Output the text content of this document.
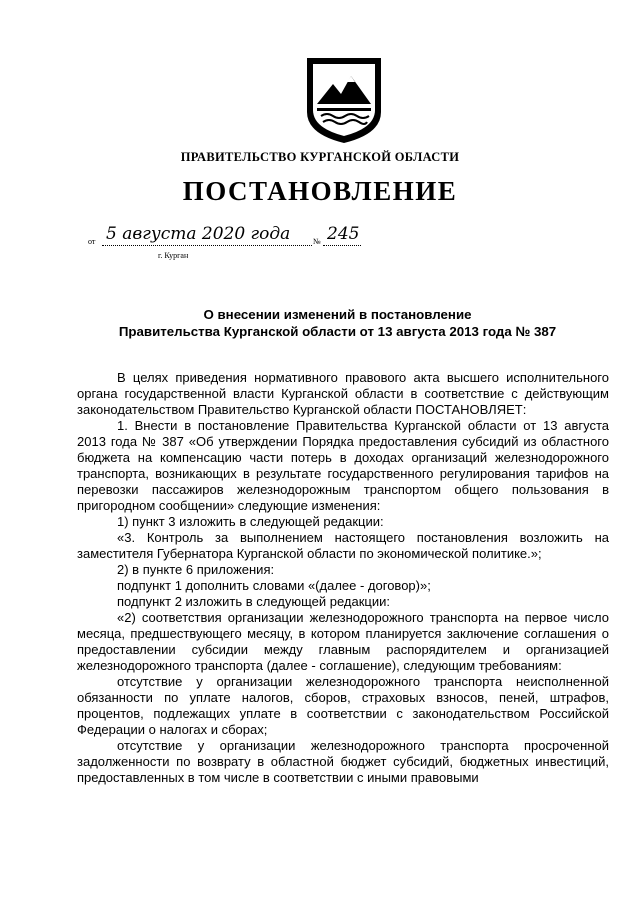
ПРАВИТЕЛЬСТВО КУРГАНСКОЙ ОБЛАСТИ
ПОСТАНОВЛЕНИЕ
от 5 августа 2020 года	№ 245
г. Курган
О внесении изменений в постановление
Правительства Курганской области от 13 августа 2013 года № 387

В целях приведения нормативного правового акта высшего исполнительного органа государственной власти Курганской области в соответствие с действующим законодательством Правительство Курганской области ПОСТАНОВЛЯЕТ:

1. Внести в постановление Правительства Курганской области от 13 августа 2013 года № 387 «Об утверждении Порядка предоставления субсидий из областного бюджета на компенсацию части потерь в доходах организаций железнодорожного транспорта, возникающих в результате государственного регулирования тарифов на перевозки пассажиров железнодорожным транспортом общего пользования в пригородном сообщении» следующие изменения:

1) пункт 3 изложить в следующей редакции:

«3. Контроль за выполнением настоящего постановления возложить на заместителя Губернатора Курганской области по экономической политике.»;

2) в пункте 6 приложения:

подпункт 1 дополнить словами «(далее - договор)»;

подпункт 2 изложить в следующей редакции:

«2) соответствия организации железнодорожного транспорта на первое число месяца, предшествующего месяцу, в котором планируется заключение соглашения о предоставлении субсидии между главным распорядителем и организацией железнодорожного транспорта (далее - соглашение), следующим требованиям:

отсутствие у организации железнодорожного транспорта неисполненной обязанности по уплате налогов, сборов, страховых взносов, пеней, штрафов, процентов, подлежащих уплате в соответствии с законодательством Российской Федерации о налогах и сборах;

отсутствие у организации железнодорожного транспорта просроченной задолженности по возврату в областной бюджет субсидий, бюджетных инвестиций, предоставленных в том числе в соответствии с иными правовыми
